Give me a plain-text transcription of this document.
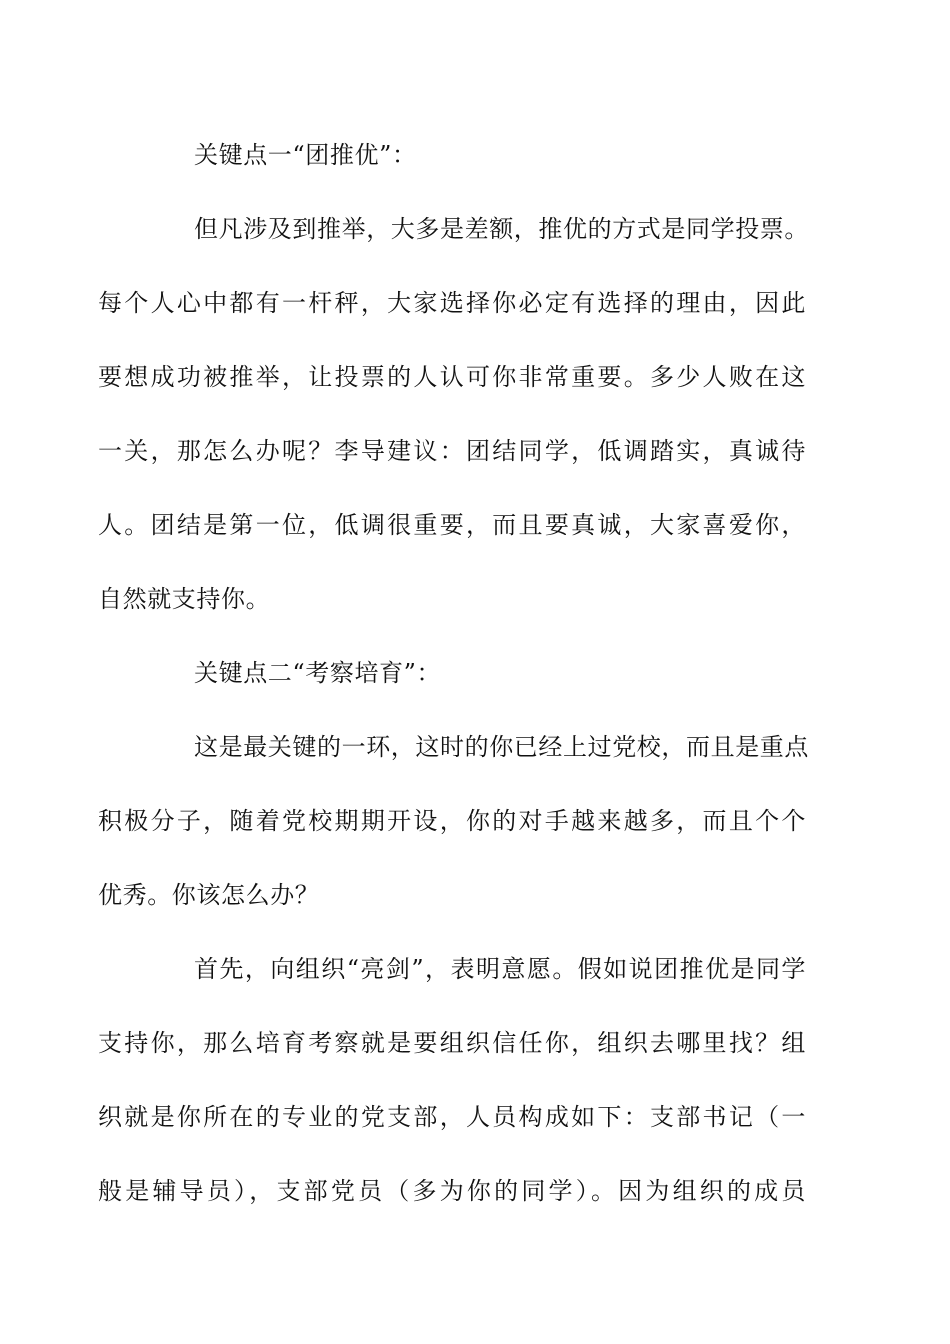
关键点一“团推优”：

但凡涉及到推举，大多是差额，推优的方式是同学投票。
每个人心中都有一杆秤，大家选择你必定有选择的理由，因此
要想成功被推举，让投票的人认可你非常重要。多少人败在这
一关，那怎么办呢？李导建议：团结同学，低调踏实，真诚待
人。团结是第一位，低调很重要，而且要真诚，大家喜爱你，
自然就支持你。

关键点二“考察培育”：

这是最关键的一环，这时的你已经上过党校，而且是重点
积极分子，随着党校期期开设，你的对手越来越多，而且个个
优秀。你该怎么办？

首先，向组织“亮剑”，表明意愿。假如说团推优是同学
支持你，那么培育考察就是要组织信任你，组织去哪里找？组
织就是你所在的专业的党支部，人员构成如下：支部书记（一
般是辅导员），支部党员（多为你的同学）。因为组织的成员
